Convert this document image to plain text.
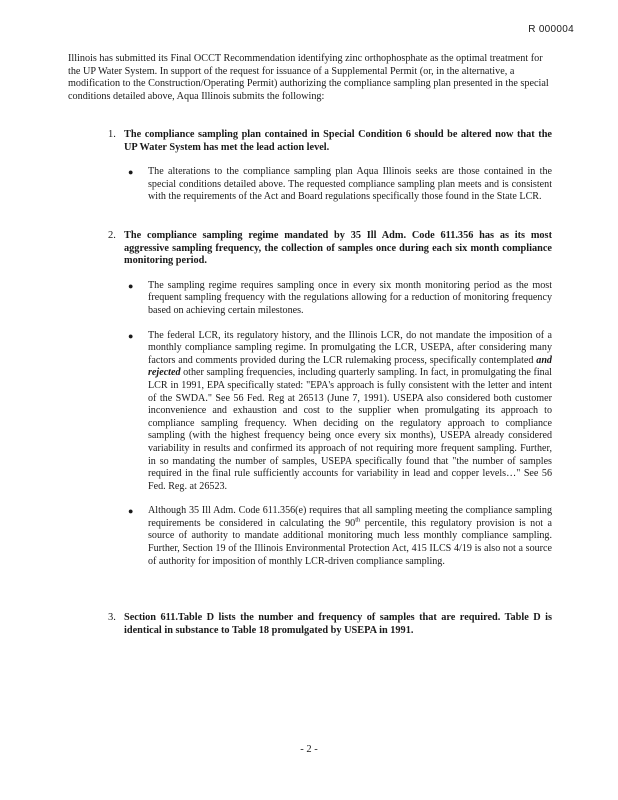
R 000004

Illinois has submitted its Final OCCT Recommendation identifying zinc orthophosphate as the optimal treatment for the UP Water System. In support of the request for issuance of a Supplemental Permit (or, in the alternative, a modification to the Construction/Operating Permit) authorizing the compliance sampling plan presented in the special conditions detailed above, Aqua Illinois submits the following:

1. The compliance sampling plan contained in Special Condition 6 should be altered now that the UP Water System has met the lead action level.

● The alterations to the compliance sampling plan Aqua Illinois seeks are those contained in the special conditions detailed above. The requested compliance sampling plan meets and is consistent with the requirements of the Act and Board regulations specifically those found in the State LCR.
2. The compliance sampling regime mandated by 35 Ill Adm. Code 611.356 has as its most aggressive sampling frequency, the collection of samples once during each six month compliance monitoring period.

● The sampling regime requires sampling once in every six month monitoring period as the most frequent sampling frequency with the regulations allowing for a reduction of monitoring frequency based on achieving certain milestones.
● The federal LCR, its regulatory history, and the Illinois LCR, do not mandate the imposition of a monthly compliance sampling regime. In promulgating the LCR, USEPA, after considering many factors and comments provided during the LCR rulemaking process, specifically contemplated and rejected other sampling frequencies, including quarterly sampling. In fact, in promulgating the final LCR in 1991, EPA specifically stated: "EPA's approach is fully consistent with the letter and intent of the SWDA." See 56 Fed. Reg at 26513 (June 7, 1991). USEPA also considered both customer inconvenience and exhaustion and cost to the supplier when promulgating its approach to compliance sampling frequency. When deciding on the regulatory approach to compliance sampling (with the highest frequency being once every six months), USEPA already considered variability in results and confirmed its approach of not requiring more frequent sampling. Further, in so mandating the number of samples, USEPA specifically found that "the number of samples required in the final rule sufficiently accounts for variability in lead and copper levels…" See 56 Fed. Reg. at 26523.
● Although 35 Ill Adm. Code 611.356(e) requires that all sampling meeting the compliance sampling requirements be considered in calculating the 90th percentile, this regulatory provision is not a source of authority to mandate additional monitoring much less monthly compliance sampling. Further, Section 19 of the Illinois Environmental Protection Act, 415 ILCS 4/19 is also not a source of authority for imposition of monthly LCR-driven compliance sampling.
3. Section 611.Table D lists the number and frequency of samples that are required. Table D is identical in substance to Table 18 promulgated by USEPA in 1991.

- 2 -
